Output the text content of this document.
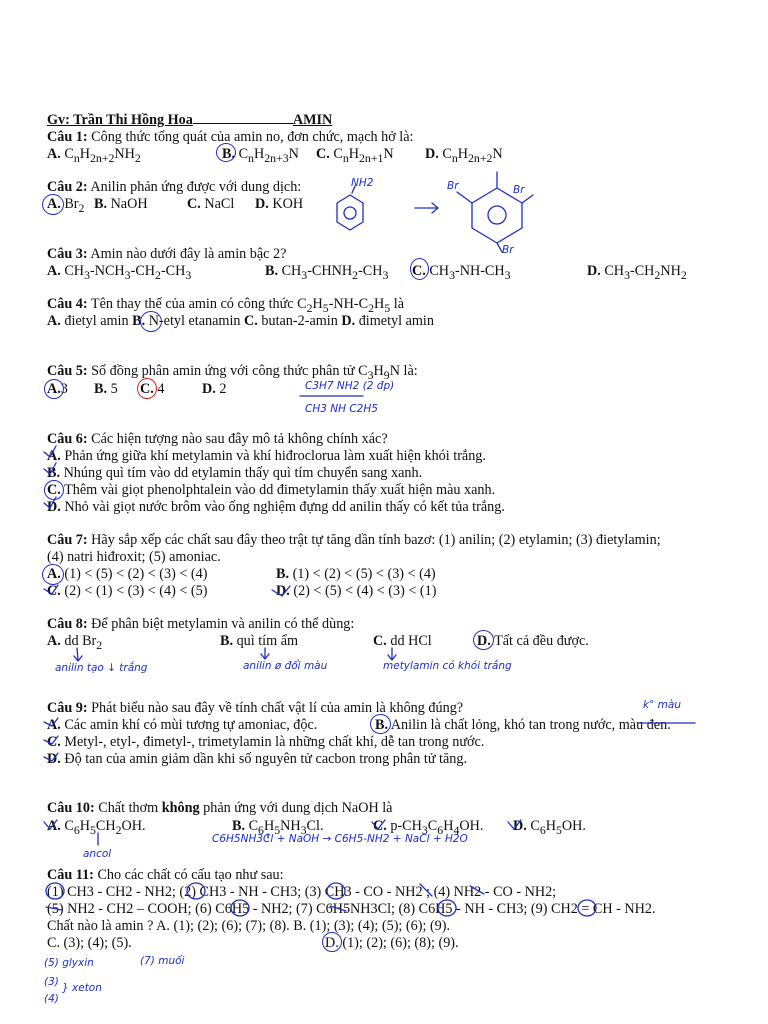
Gv: Trần Thi Hồng Hoa	AMIN
Câu 1: Công thức tổng quát của amin no, đơn chức, mạch hở là:
A. $C_nH_{2n+2}NH_2$	B. $C_nH_{2n+3}N$ C. $C_nH_{2n+1}N$ D. $C_nH_{2n+2}N$
Câu 2: Anilin phản ứng được với dung dịch:
A. $Br_2$ B. NaOH	C. NaCl D. KOH
NH2	Br	Br
Br
Câu 3: Amin nào dưới đây là amin bậc 2?
A. $CH_3-NCH_3-CH_2-CH_3$	B. $CH_3-CHNH_2-CH_3$ C. $CH_3-NH-CH_3$	D. $CH_3-CH_2NH_2$
Câu 4: Tên thay thế của amin có công thức $C_2H_5-NH-C_2H_5$ là
A. đietyl amin B. N-etyl etanamin C. butan-2-amin D. đimetyl amin
Câu 5: Số đồng phân amin ứng với công thức phân tử $C_3H_9N$ là:
A.3 B. 5 C. 4	D. 2	C3H7 NH2 (2 đp)
CH3 NH C2H5
Câu 6: Các hiện tượng nào sau đây mô tả không chính xác?
A. Phản ứng giữa khí metylamin và khí hiđroclorua làm xuất hiện khói trắng.
B. Nhúng quì tím vào dd etylamin thấy quì tím chuyển sang xanh.
C. Thêm vài giọt phenolphtalein vào dd đimetylamin thấy xuất hiện màu xanh.
D. Nhỏ vài giọt nước brôm vào ống nghiệm đựng dd anilin thấy có kết tủa trắng.
Câu 7: Hãy sắp xếp các chất sau đây theo trật tự tăng dần tính bazơ: (1) anilin; (2) etylamin; (3) đietylamin;
(4) natri hiđroxit; (5) amoniac.
A. (1) < (5) < (2) < (3) < (4)	B. (1) < (2) < (5) < (3) < (4)
C. (2) < (1) < (3) < (4) < (5)	D. (2) < (5) < (4) < (3) < (1)
Câu 8: Để phân biệt metylamin và anilin có thể dùng:
A. dd $Br_2$	B. quì tím ẩm	C. dd HCl	D. Tất cả đều được.
anilin tạo ↓ trắng	anilin ø đổi màu	metylamin có khói trắng
Câu 9: Phát biểu nào sau đây về tính chất vật lí của amin là không đúng?
A. Các amin khí có mùi tương tự amoniac, độc.	B. Anilin là chất lỏng, khó tan trong nước, màu đen.
C. Metyl-, etyl-, đimetyl-, trimetylamin là những chất khí, dễ tan trong nước.
D. Độ tan của amin giảm dần khi số nguyên tử cacbon trong phân tử tăng.
k° màu
Câu 10: Chất thơm không phản ứng với dung dịch NaOH là
A. $C_6H_5CH_2OH$.	B. $C_6H_5NH_3Cl$.	C. $p-CH_3C_6H_4OH$. D. $C_6H_5OH$.
ancol
C6H5NH3Cl + NaOH → C6H5-NH2 + NaCl + H2O
Câu 11: Cho các chất có cấu tạo như sau:
(1) CH3 - CH2 - NH2; (2) CH3 - NH - CH3; (3) CH3 - CO - NH2 ; (4) NH2 - CO - NH2;
(5) NH2 - CH2 – COOH; (6) C6H5 - NH2; (7) C6H5NH3Cl; (8) C6H5 - NH - CH3; (9) CH2 = CH - NH2.
Chất nào là amin ? A. (1); (2); (6); (7); (8). B. (1); (3); (4); (5); (6); (9).
C. (3); (4); (5).	D. (1); (2); (6); (8); (9).
(5) glyxin	(7) muối
(3)
(4)
} xeton
